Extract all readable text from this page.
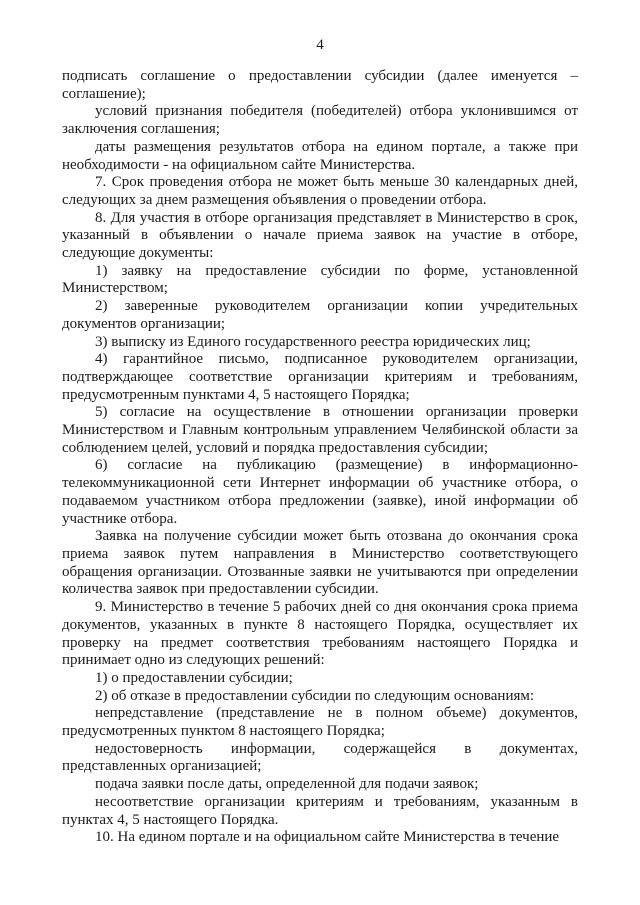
4

подписать соглашение о предоставлении субсидии (далее именуется – соглашение);

условий признания победителя (победителей) отбора уклонившимся от заключения соглашения;

даты размещения результатов отбора на едином портале, а также при необходимости - на официальном сайте Министерства.

7. Срок проведения отбора не может быть меньше 30 календарных дней, следующих за днем размещения объявления о проведении отбора.

8. Для участия в отборе организация представляет в Министерство в срок, указанный в объявлении о начале приема заявок на участие в отборе, следующие документы:

1) заявку на предоставление субсидии по форме, установленной Министерством;

2) заверенные руководителем организации копии учредительных документов организации;

3) выписку из Единого государственного реестра юридических лиц;

4) гарантийное письмо, подписанное руководителем организации, подтверждающее соответствие организации критериям и требованиям, предусмотренным пунктами 4, 5 настоящего Порядка;

5) согласие на осуществление в отношении организации проверки Министерством и Главным контрольным управлением Челябинской области за соблюдением целей, условий и порядка предоставления субсидии;

6) согласие на публикацию (размещение) в информационно-телекоммуникационной сети Интернет информации об участнике отбора, о подаваемом участником отбора предложении (заявке), иной информации об участнике отбора.

Заявка на получение субсидии может быть отозвана до окончания срока приема заявок путем направления в Министерство соответствующего обращения организации. Отозванные заявки не учитываются при определении количества заявок при предоставлении субсидии.

9. Министерство в течение 5 рабочих дней со дня окончания срока приема документов, указанных в пункте 8 настоящего Порядка, осуществляет их проверку на предмет соответствия требованиям настоящего Порядка и принимает одно из следующих решений:

1) о предоставлении субсидии;

2) об отказе в предоставлении субсидии по следующим основаниям:

непредставление (представление не в полном объеме) документов, предусмотренных пунктом 8 настоящего Порядка;

недостоверность информации, содержащейся в документах, представленных организацией;

подача заявки после даты, определенной для подачи заявок;

несоответствие организации критериям и требованиям, указанным в пунктах 4, 5 настоящего Порядка.

10. На едином портале и на официальном сайте Министерства в течение
